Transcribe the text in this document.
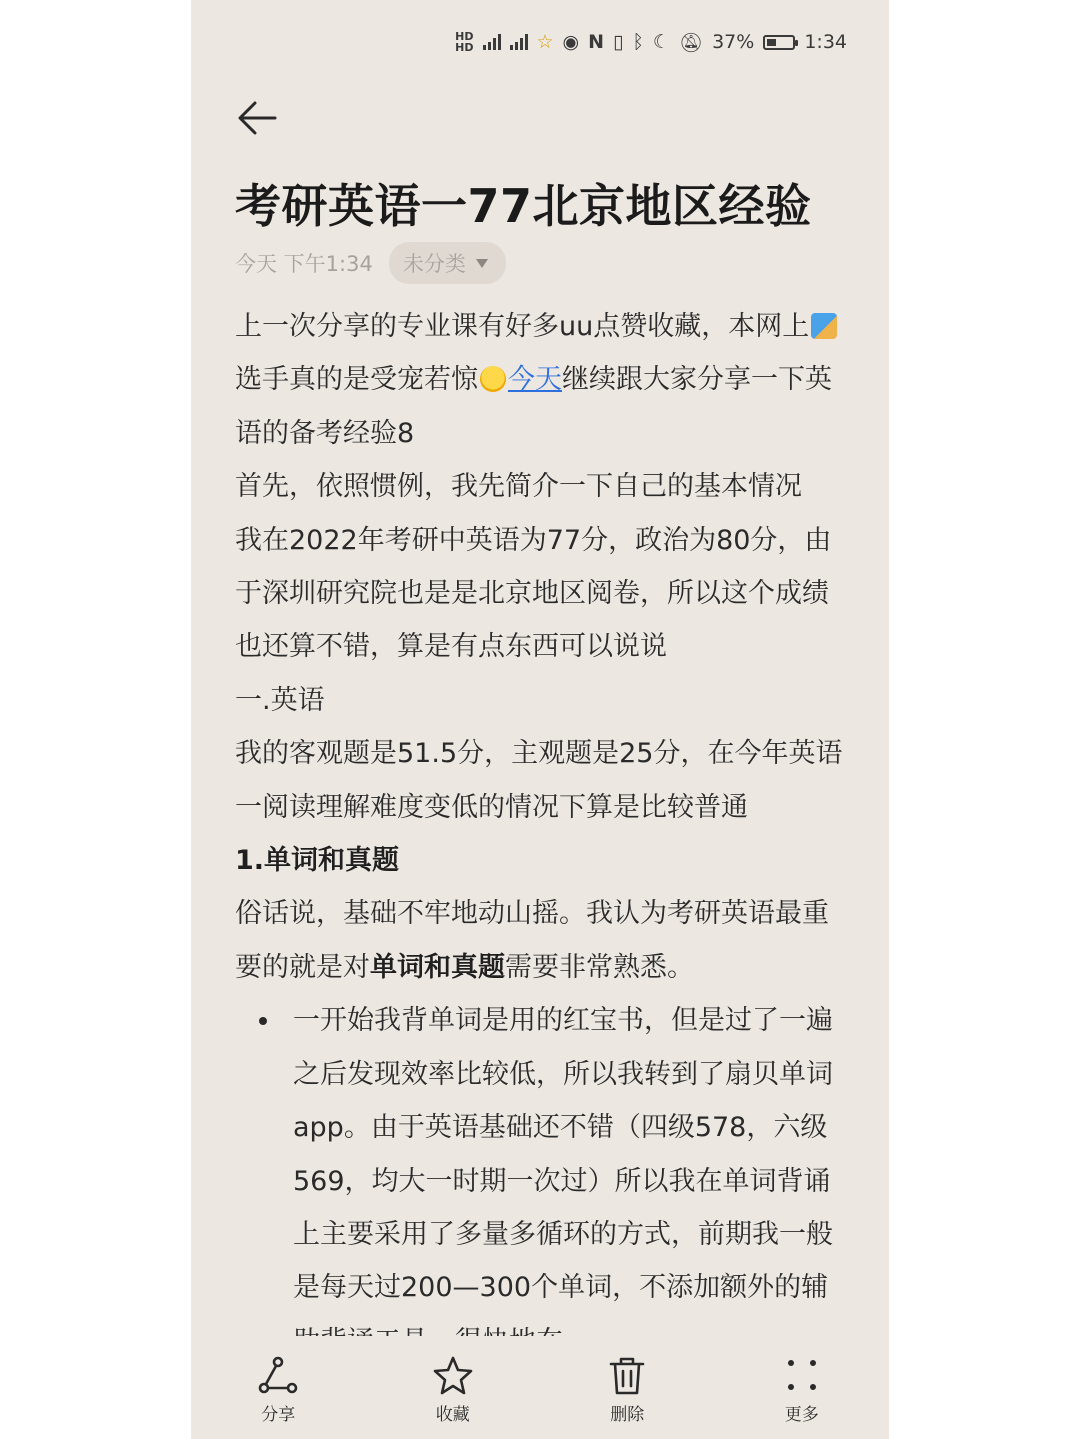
HD
HD	☆ ◉ N ▯ ᛒ ☾ 🔕︎ 37%	1:34
考研英语一77北京地区经验
今天 下午1:34 未分类

上一次分享的专业课有好多uu点赞收藏，本网上选手真的是受宠若惊 今天继续跟大家分享一下英语的备考经验8

首先，依照惯例，我先简介一下自己的基本情况

我在2022年考研中英语为77分，政治为80分，由于深圳研究院也是是北京地区阅卷，所以这个成绩也还算不错，算是有点东西可以说说

一.英语

我的客观题是51.5分，主观题是25分，在今年英语一阅读理解难度变低的情况下算是比较普通

1.单词和真题

俗话说，基础不牢地动山摇。我认为考研英语最重要的就是对单词和真题需要非常熟悉。

一开始我背单词是用的红宝书，但是过了一遍之后发现效率比较低，所以我转到了扇贝单词app。由于英语基础还不错（四级578，六级569，均大一时期一次过）所以我在单词背诵上主要采用了多量多循环的方式，前期我一般是每天过200—300个单词，不添加额外的辅
分享	收藏	删除	更多
